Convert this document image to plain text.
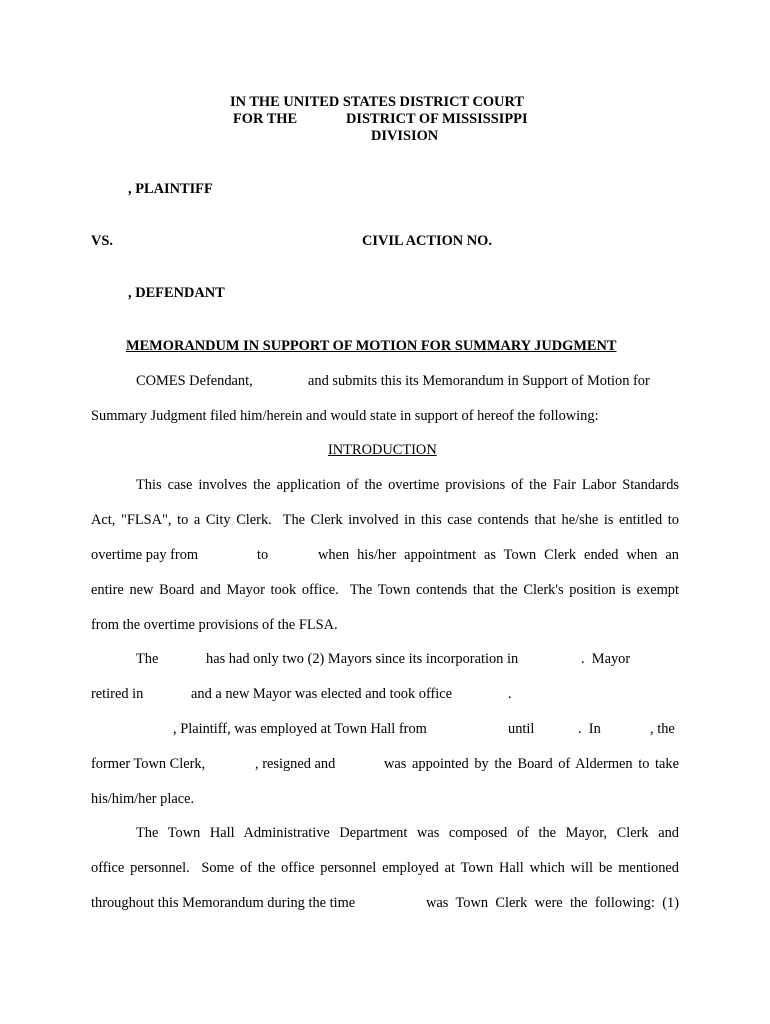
IN THE UNITED STATES DISTRICT COURT
FOR THE	DISTRICT OF MISSISSIPPI
DIVISION
, PLAINTIFF
VS.	CIVIL ACTION NO.
, DEFENDANT
MEMORANDUM IN SUPPORT OF MOTION FOR SUMMARY JUDGMENT
COMES Defendant,	and submits this its Memorandum in Support of Motion for
Summary Judgment filed him/herein and would state in support of hereof the following:
INTRODUCTION
This case involves the application of the overtime provisions of the Fair Labor Standards
Act, "FLSA", to a City Clerk.  The Clerk involved in this case contends that he/she is entitled to
overtime pay from	to	when his/her appointment as Town Clerk ended when an
entire new Board and Mayor took office.  The Town contends that the Clerk's position is exempt
from the overtime provisions of the FLSA.
The	has had only two (2) Mayors since its incorporation in	.  Mayor
retired in	and a new Mayor was elected and took office	.
, Plaintiff, was employed at Town Hall from	until	.  In	, the
former Town Clerk,	, resigned and	was appointed by the Board of Aldermen to take
his/him/her place.
The Town Hall Administrative Department was composed of the Mayor, Clerk and
office personnel.  Some of the office personnel employed at Town Hall which will be mentioned
throughout this Memorandum during the time	was Town Clerk were the following: (1)
